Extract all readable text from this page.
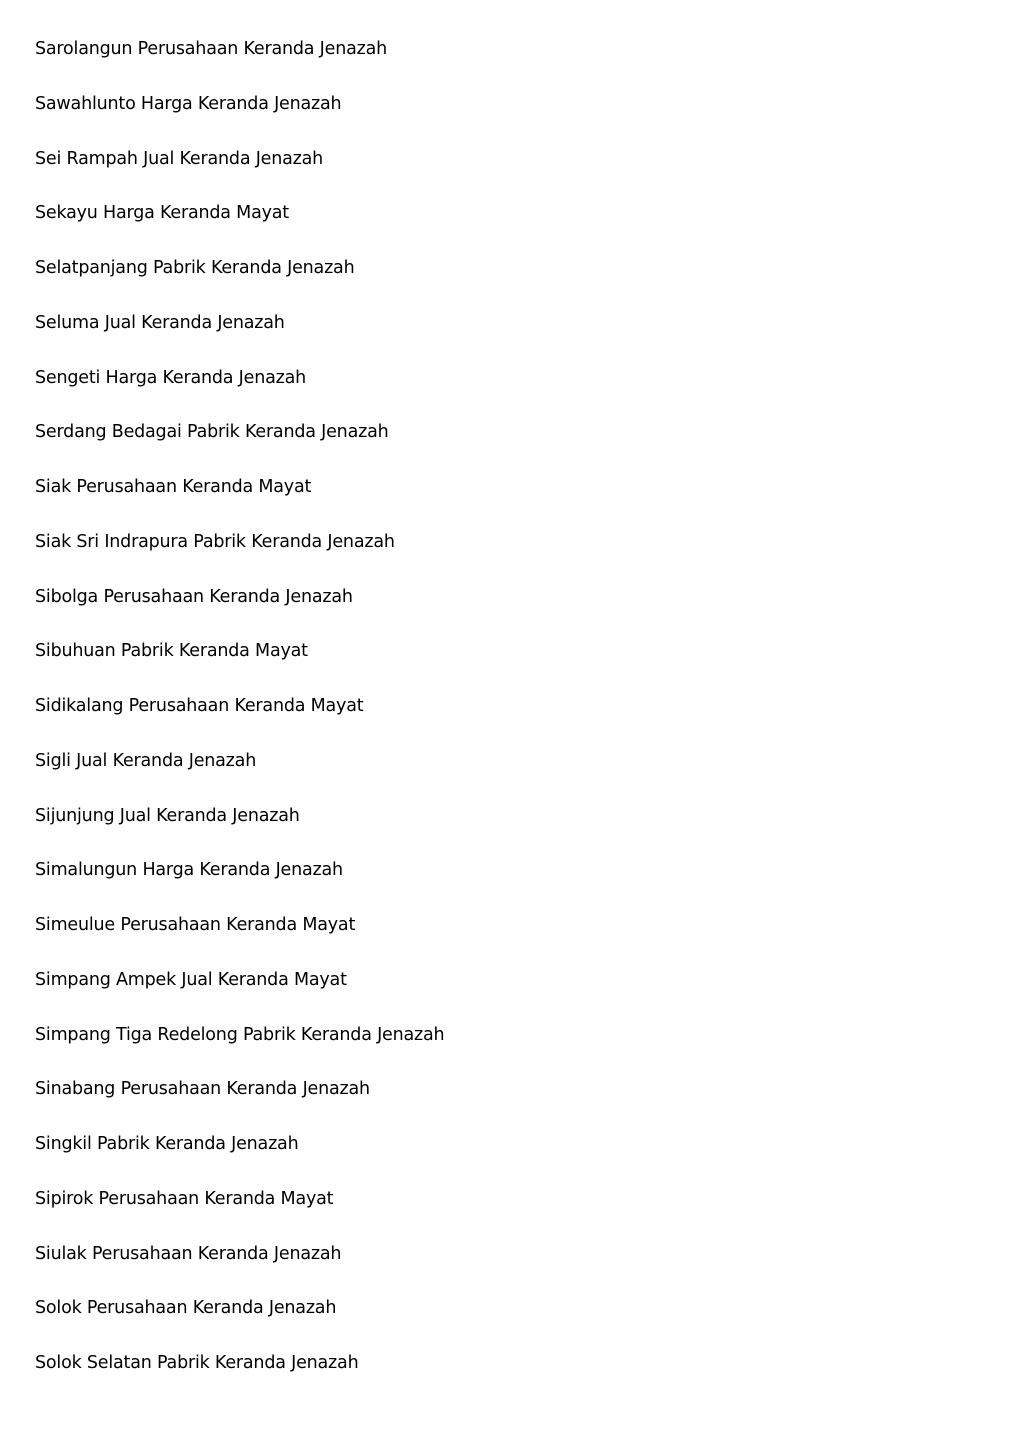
Sarolangun Perusahaan Keranda Jenazah
Sawahlunto Harga Keranda Jenazah
Sei Rampah Jual Keranda Jenazah
Sekayu Harga Keranda Mayat
Selatpanjang Pabrik Keranda Jenazah
Seluma Jual Keranda Jenazah
Sengeti Harga Keranda Jenazah
Serdang Bedagai Pabrik Keranda Jenazah
Siak Perusahaan Keranda Mayat
Siak Sri Indrapura Pabrik Keranda Jenazah
Sibolga Perusahaan Keranda Jenazah
Sibuhuan Pabrik Keranda Mayat
Sidikalang Perusahaan Keranda Mayat
Sigli Jual Keranda Jenazah
Sijunjung Jual Keranda Jenazah
Simalungun Harga Keranda Jenazah
Simeulue Perusahaan Keranda Mayat
Simpang Ampek Jual Keranda Mayat
Simpang Tiga Redelong Pabrik Keranda Jenazah
Sinabang Perusahaan Keranda Jenazah
Singkil Pabrik Keranda Jenazah
Sipirok Perusahaan Keranda Mayat
Siulak Perusahaan Keranda Jenazah
Solok Perusahaan Keranda Jenazah
Solok Selatan Pabrik Keranda Jenazah
